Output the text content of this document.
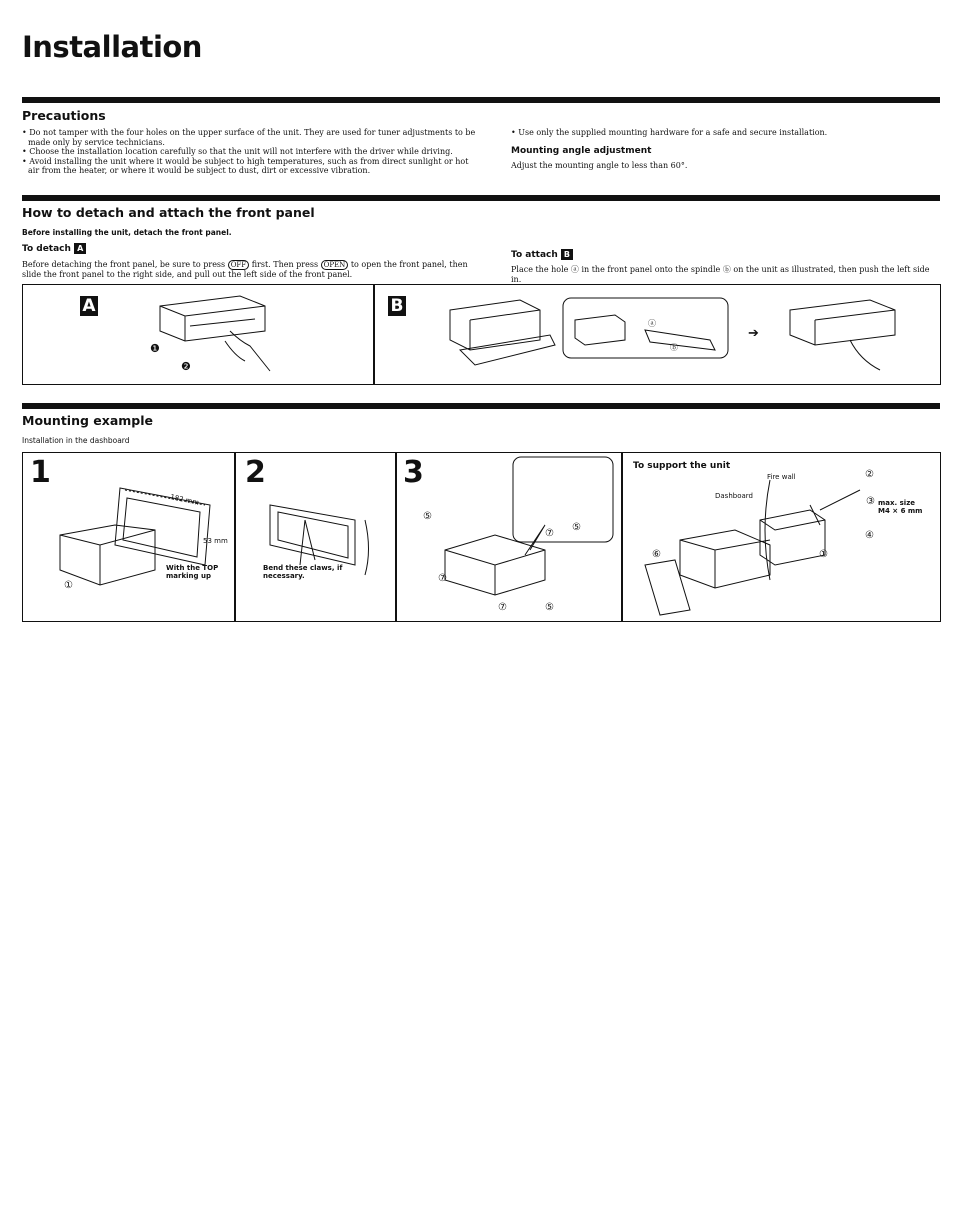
Installation
Precautions
• Do not tamper with the four holes on the upper surface of the unit. They are used for tuner adjustments to be made only by service technicians.
• Choose the installation location carefully so that the unit will not interfere with the driver while driving.
• Avoid installing the unit where it would be subject to high temperatures, such as from direct sunlight or hot air from the heater, or where it would be subject to dust, dirt or excessive vibration.
• Use only the supplied mounting hardware for a safe and secure installation.
Mounting angle adjustment
Adjust the mounting angle to less than 60°.
How to detach and attach the front panel
Before installing the unit, detach the front panel.
To detach A
Before detaching the front panel, be sure to press OFF first. Then press OPEN to open the front panel, then slide the front panel to the right side, and pull out the left side of the front panel.
To attach B
Place the hole ⓐ in the front panel onto the spindle ⓑ on the unit as illustrated, then push the left side in.
A	B
❶
❷
ⓐ
ⓑ
➔
Mounting example
Installation in the dashboard
1
182 mm
53 mm
With the TOP marking up
①
2
Bend these claws, if necessary.
3
⑤
⑦
⑤
⑦
⑦	⑤
To support the unit
Fire wall
Dashboard
②
③ max. size M4 × 6 mm
④
①
⑥
